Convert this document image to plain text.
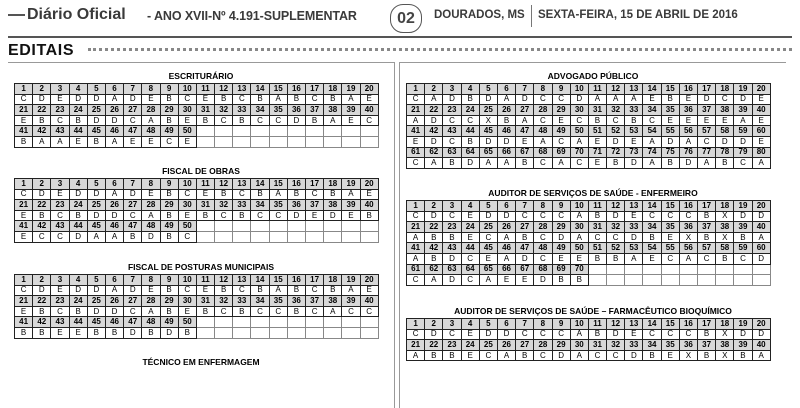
Diário Oficial - ANO XVII-Nº 4.191-SUPLEMENTAR	02	DOURADOS, MS SEXTA-FEIRA, 15 DE ABRIL DE 2016
EDITAIS
ESCRITURÁRIO
1	2	3	4	5	6	7	8	9	10	11	12	13	14	15	16	17	18	19	20
C	D	E	D	D	A	D	E	B	C	E	B	C	B	A	B	C	B	A	E
21	22	23	24	25	26	27	28	29	30	31	32	33	34	35	36	37	38	39	40
E	B	C	B	D	D	C	A	B	E	B	C	B	C	C	D	B	A	E	C
41	42	43	44	45	46	47	48	49	50										
B	A	A	E	B	A	E	E	C	E										
FISCAL DE OBRAS
1	2	3	4	5	6	7	8	9	10	11	12	13	14	15	16	17	18	19	20
C	D	E	D	D	A	D	E	B	C	E	B	C	B	A	B	C	B	A	E
21	22	23	24	25	26	27	28	29	30	31	32	33	34	35	36	37	38	39	40
E	B	C	B	D	D	C	A	B	E	B	C	B	C	C	D	E	D	E	B
41	42	43	44	45	46	47	48	49	50										
E	C	C	D	A	A	B	D	B	C										
FISCAL DE POSTURAS MUNICIPAIS
1	2	3	4	5	6	7	8	9	10	11	12	13	14	15	16	17	18	19	20
C	D	E	D	D	A	D	E	B	C	E	B	C	B	A	B	C	B	A	E
21	22	23	24	25	26	27	28	29	30	31	32	33	34	35	36	37	38	39	40
E	B	C	B	D	D	C	A	B	E	B	C	B	C	C	B	C	A	C	C
41	42	43	44	45	46	47	48	49	50										
B	B	E	E	B	B	D	B	D	B										
TÉCNICO EM ENFERMAGEM
ADVOGADO PÚBLICO
1	2	3	4	5	6	7	8	9	10	11	12	13	14	15	16	17	18	19	20
C	A	D	B	D	A	D	C	C	D	A	A	A	E	B	E	D	C	D	E
21	22	23	24	25	26	27	28	29	30	31	32	33	34	35	36	37	38	39	40
A	D	C	C	X	B	A	C	E	C	B	C	B	C	E	E	E	E	A	E
41	42	43	44	45	46	47	48	49	50	51	52	53	54	55	56	57	58	59	60
E	D	C	B	D	D	E	A	C	A	E	D	E	A	D	A	C	D	D	E
61	62	63	64	65	66	67	68	69	70	71	72	73	74	75	76	77	78	79	80
C	A	B	D	A	A	B	C	A	C	E	B	D	A	B	D	A	B	C	A
AUDITOR DE SERVIÇOS DE SAÚDE - ENFERMEIRO
1	2	3	4	5	6	7	8	9	10	11	12	13	14	15	16	17	18	19	20
C	D	C	E	D	D	C	C	C	A	B	D	E	C	C	C	B	X	D	D
21	22	23	24	25	26	27	28	29	30	31	32	33	34	35	36	37	38	39	40
A	B	B	E	C	A	B	C	D	A	C	C	D	B	E	X	B	X	B	A
41	42	43	44	45	46	47	48	49	50	51	52	53	54	55	56	57	58	59	60
A	B	D	C	E	A	D	C	E	E	B	B	A	E	C	A	C	B	C	D
61	62	63	64	65	66	67	68	69	70										
C	A	D	C	A	E	E	D	B	B										
AUDITOR DE SERVIÇOS DE SAÚDE – FARMACÊUTICO BIOQUÍMICO
1	2	3	4	5	6	7	8	9	10	11	12	13	14	15	16	17	18	19	20
C	D	C	E	D	D	C	C	C	A	B	D	E	C	C	C	B	X	D	D
21	22	23	24	25	26	27	28	29	30	31	32	33	34	35	36	37	38	39	40
A	B	B	E	C	A	B	C	D	A	C	C	D	B	E	X	B	X	B	A
